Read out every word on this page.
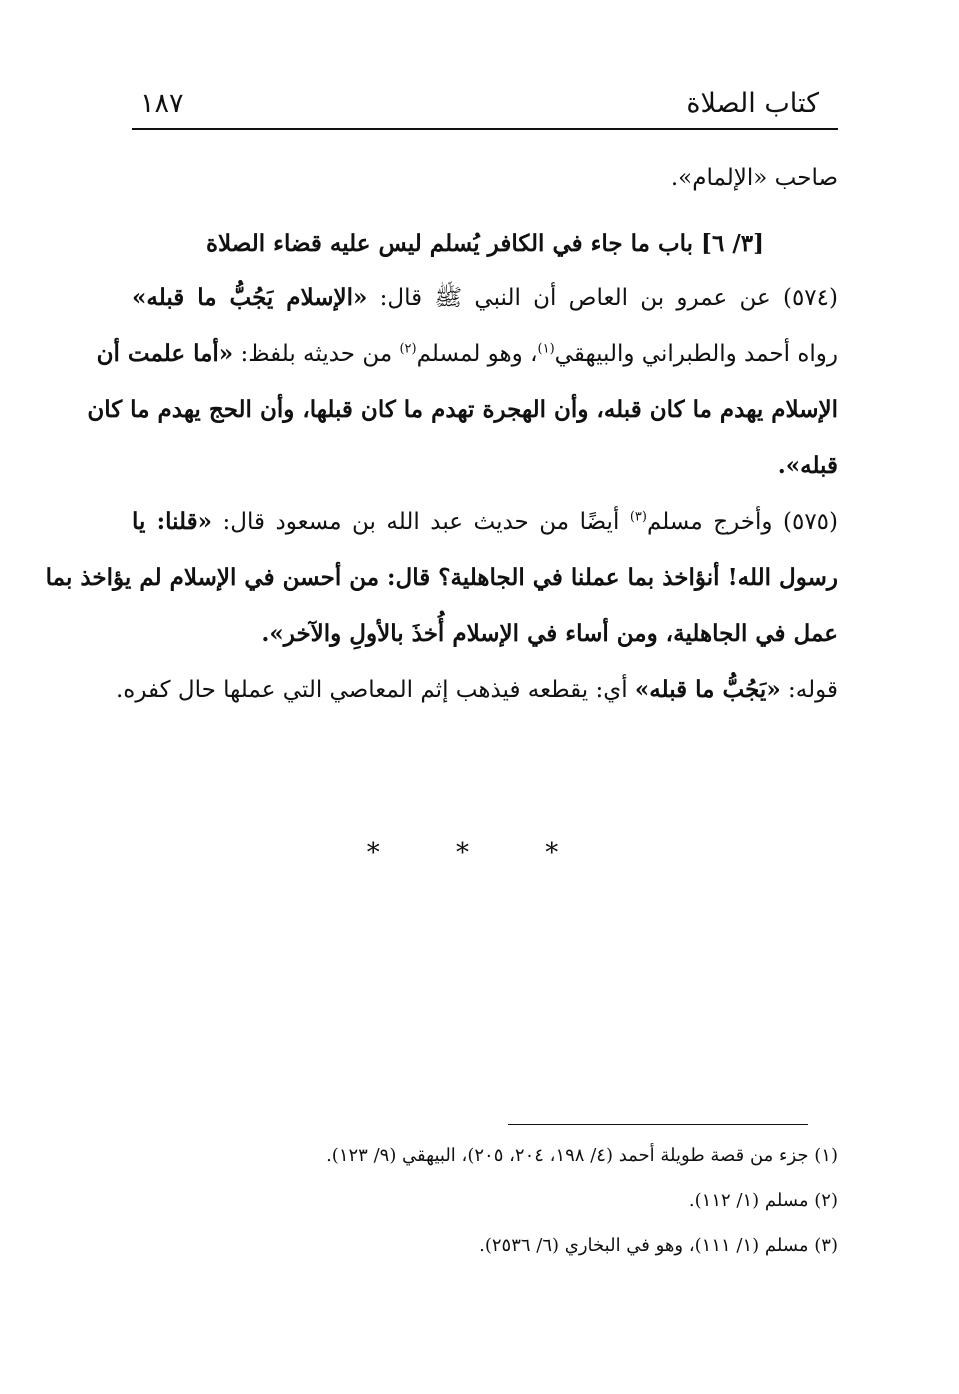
كتاب الصلاة
١٨٧
صاحب «الإلمام».
[٣/ ٦] باب ما جاء في الكافر يُسلم ليس عليه قضاء الصلاة
(٥٧٤) عن عمرو بن العاص أن النبي ﷺ قال: «الإسلام يَجُبُّ ما قبله»
رواه أحمد والطبراني والبيهقي$^{(١)}$، وهو لمسلم$^{(٢)}$ من حديثه بلفظ: «أما علمت أن
الإسلام يهدم ما كان قبله، وأن الهجرة تهدم ما كان قبلها، وأن الحج يهدم ما كان
قبله».
(٥٧٥) وأخرج مسلم$^{(٣)}$ أيضًا من حديث عبد الله بن مسعود قال: «قلنا: يا
رسول الله! أنؤاخذ بما عملنا في الجاهلية؟ قال: من أحسن في الإسلام لم يؤاخذ بما
عمل في الجاهلية، ومن أساء في الإسلام أُخذَ بالأولِ والآخر».
قوله: «يَجُبُّ ما قبله» أي: يقطعه فيذهب إثم المعاصي التي عملها حال كفره.
* * *
(١) جزء من قصة طويلة أحمد (٤/ ١٩٨، ٢٠٤، ٢٠٥)، البيهقي (٩/ ١٢٣).
(٢) مسلم (١/ ١١٢).
(٣) مسلم (١/ ١١١)، وهو في البخاري (٦/ ٢٥٣٦).
